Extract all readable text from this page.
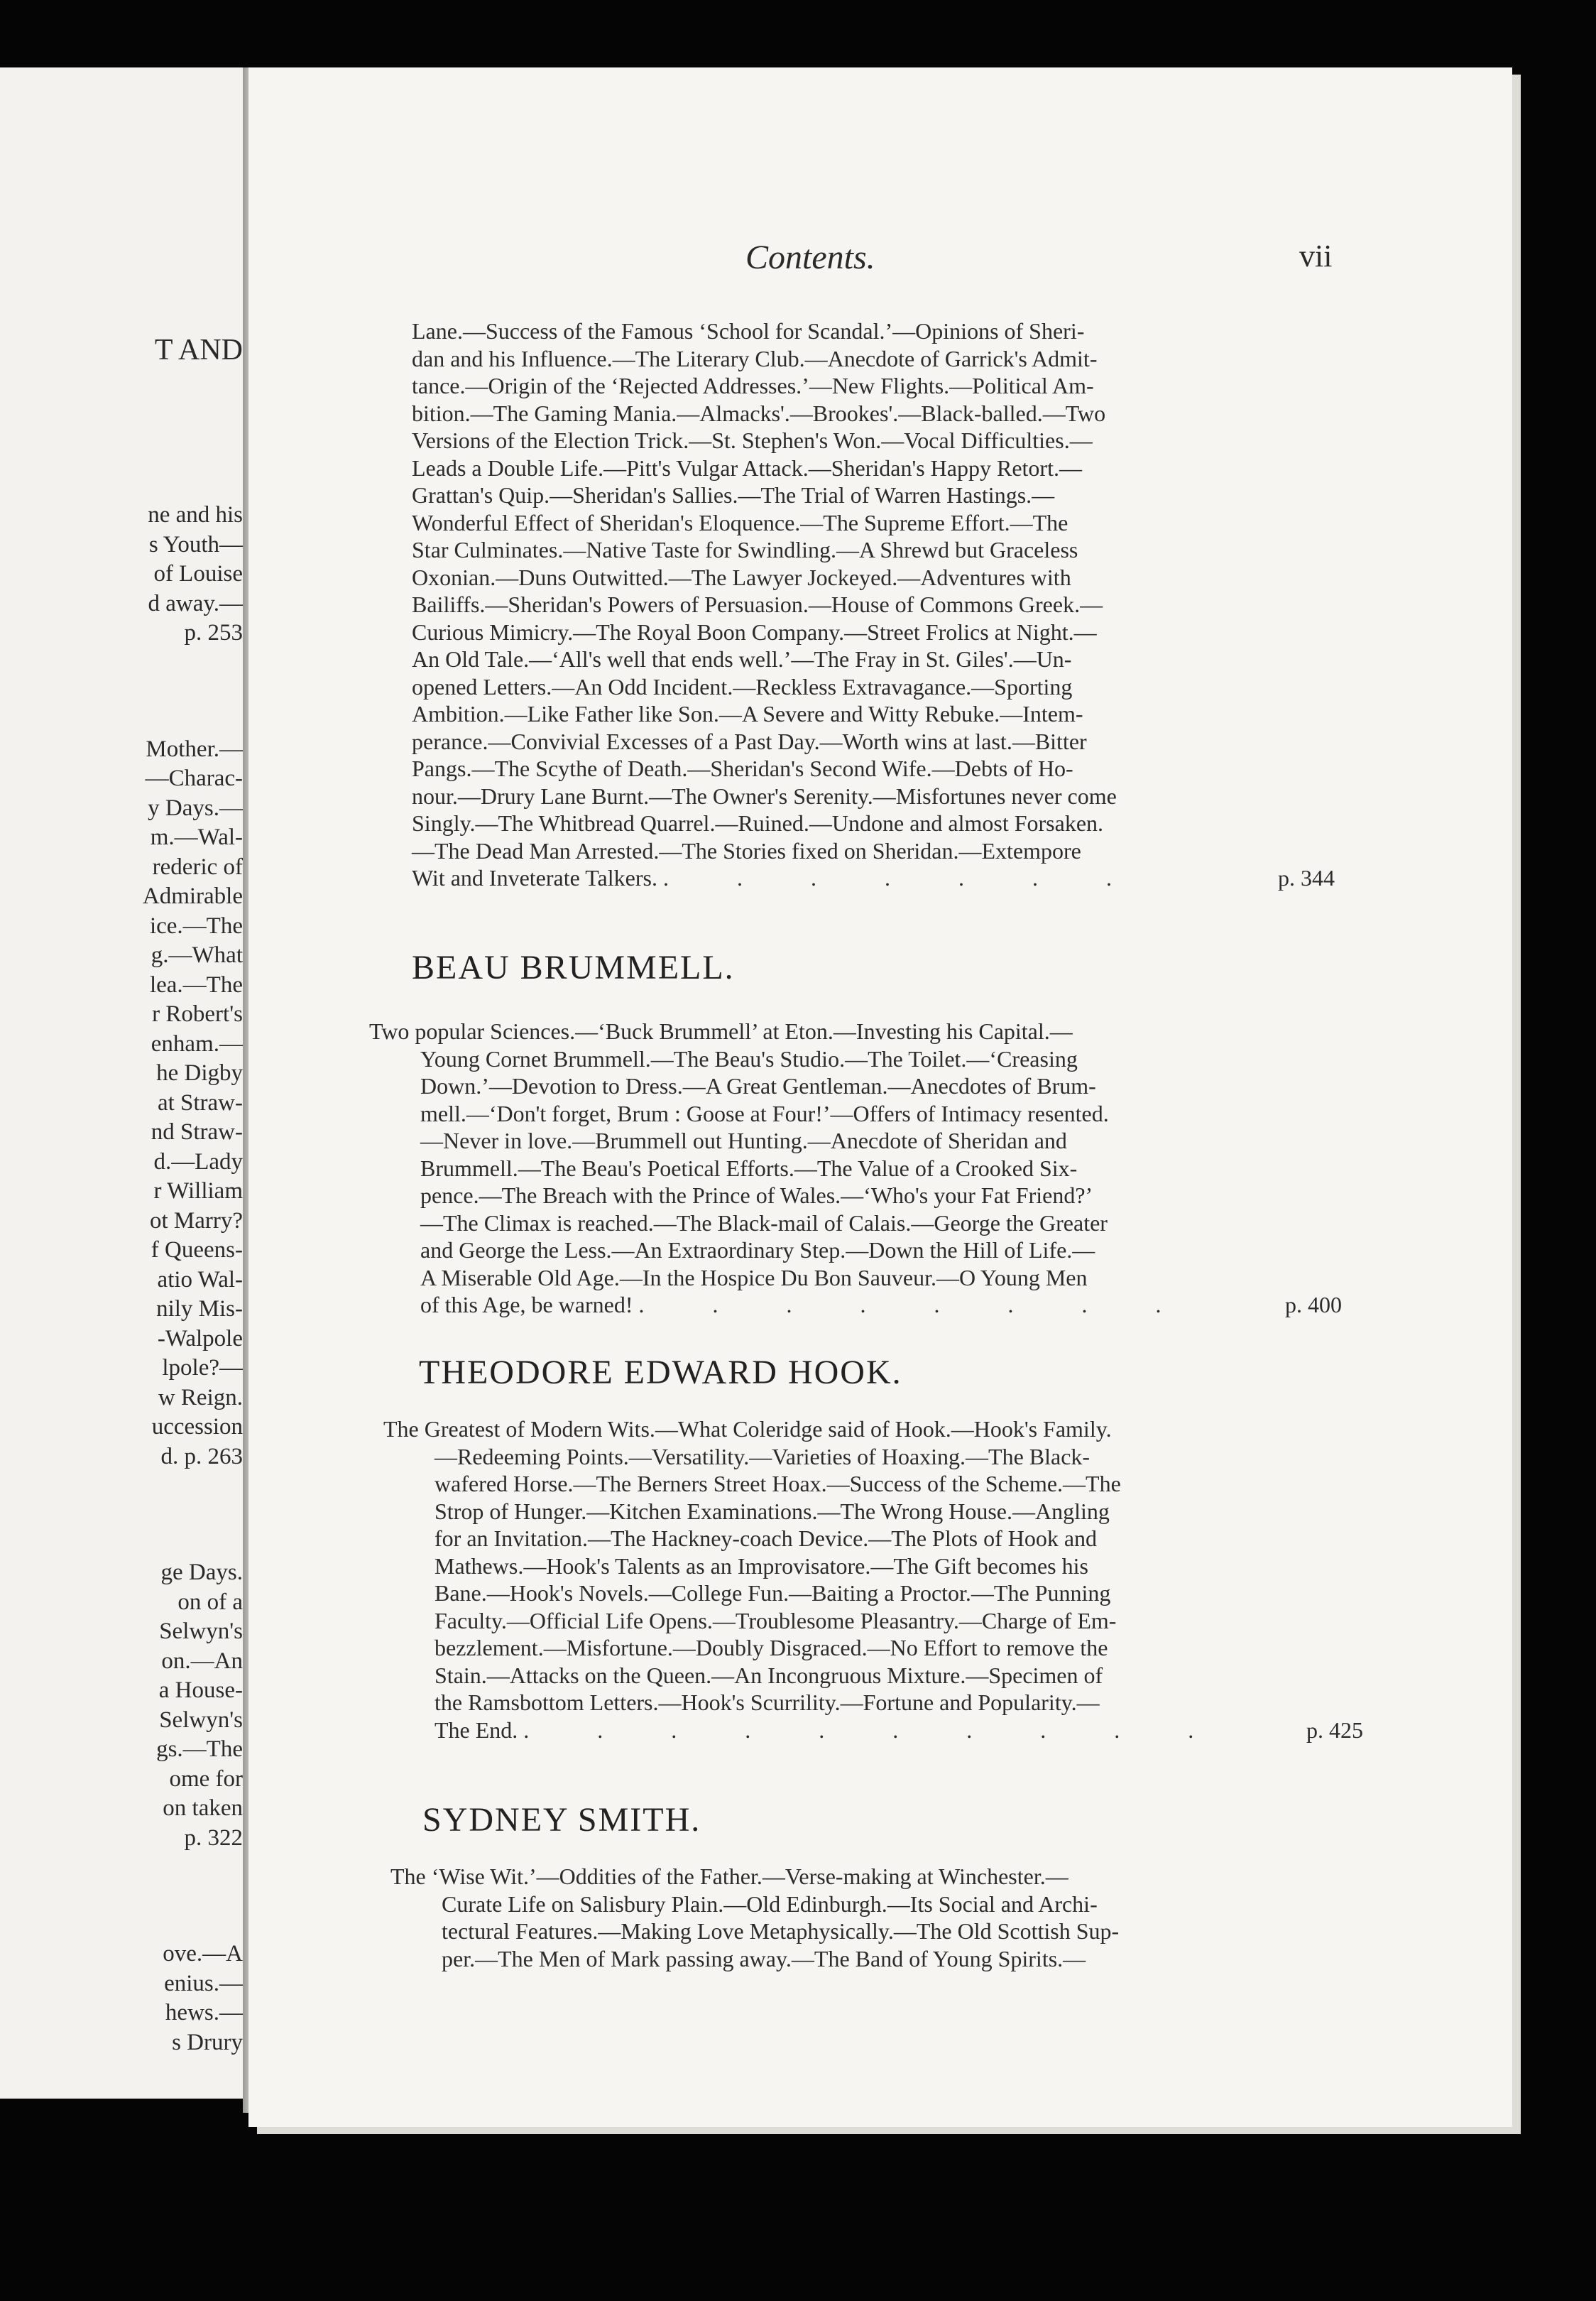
T AND
ne and his
s Youth—
of Louise
d away.—
p. 253
Mother.—
—Charac-
y Days.—
m.—Wal-
rederic of
Admirable
ice.—The
g.—What
lea.—The
r Robert's
enham.—
he Digby
at Straw-
nd Straw-
d.—Lady
r William
ot Marry?
f Queens-
atio Wal-
nily Mis-
-Walpole
lpole?—
w Reign.
uccession
d. p. 263
ge Days.
on of a
Selwyn's
on.—An
a House-
Selwyn's
gs.—The
ome for
on taken
p. 322
ove.—A
enius.—
hews.—
s Drury
Contents.	vii
Lane.—Success of the Famous ‘School for Scandal.’—Opinions of Sheri-
dan and his Influence.—The Literary Club.—Anecdote of Garrick's Admit-
tance.—Origin of the ‘Rejected Addresses.’—New Flights.—Political Am-
bition.—The Gaming Mania.—Almacks'.—Brookes'.—Black-balled.—Two
Versions of the Election Trick.—St. Stephen's Won.—Vocal Difficulties.—
Leads a Double Life.—Pitt's Vulgar Attack.—Sheridan's Happy Retort.—
Grattan's Quip.—Sheridan's Sallies.—The Trial of Warren Hastings.—
Wonderful Effect of Sheridan's Eloquence.—The Supreme Effort.—The
Star Culminates.—Native Taste for Swindling.—A Shrewd but Graceless
Oxonian.—Duns Outwitted.—The Lawyer Jockeyed.—Adventures with
Bailiffs.—Sheridan's Powers of Persuasion.—House of Commons Greek.—
Curious Mimicry.—The Royal Boon Company.—Street Frolics at Night.—
An Old Tale.—‘All's well that ends well.’—The Fray in St. Giles'.—Un-
opened Letters.—An Odd Incident.—Reckless Extravagance.—Sporting
Ambition.—Like Father like Son.—A Severe and Witty Rebuke.—Intem-
perance.—Convivial Excesses of a Past Day.—Worth wins at last.—Bitter
Pangs.—The Scythe of Death.—Sheridan's Second Wife.—Debts of Ho-
nour.—Drury Lane Burnt.—The Owner's Serenity.—Misfortunes never come
Singly.—The Whitbread Quarrel.—Ruined.—Undone and almost Forsaken.
—The Dead Man Arrested.—The Stories fixed on Sheridan.—Extempore
Wit and Inveterate Talkers. . . . . . . .	p. 344
BEAU BRUMMELL.
Two popular Sciences.—‘Buck Brummell’ at Eton.—Investing his Capital.—
Young Cornet Brummell.—The Beau's Studio.—The Toilet.—‘Creasing
Down.’—Devotion to Dress.—A Great Gentleman.—Anecdotes of Brum-
mell.—‘Don't forget, Brum : Goose at Four!’—Offers of Intimacy resented.
—Never in love.—Brummell out Hunting.—Anecdote of Sheridan and
Brummell.—The Beau's Poetical Efforts.—The Value of a Crooked Six-
pence.—The Breach with the Prince of Wales.—‘Who's your Fat Friend?’
—The Climax is reached.—The Black-mail of Calais.—George the Greater
and George the Less.—An Extraordinary Step.—Down the Hill of Life.—
A Miserable Old Age.—In the Hospice Du Bon Sauveur.—O Young Men
of this Age, be warned! . . . . . . . .	p. 400
THEODORE EDWARD HOOK.
The Greatest of Modern Wits.—What Coleridge said of Hook.—Hook's Family.
—Redeeming Points.—Versatility.—Varieties of Hoaxing.—The Black-
wafered Horse.—The Berners Street Hoax.—Success of the Scheme.—The
Strop of Hunger.—Kitchen Examinations.—The Wrong House.—Angling
for an Invitation.—The Hackney-coach Device.—The Plots of Hook and
Mathews.—Hook's Talents as an Improvisatore.—The Gift becomes his
Bane.—Hook's Novels.—College Fun.—Baiting a Proctor.—The Punning
Faculty.—Official Life Opens.—Troublesome Pleasantry.—Charge of Em-
bezzlement.—Misfortune.—Doubly Disgraced.—No Effort to remove the
Stain.—Attacks on the Queen.—An Incongruous Mixture.—Specimen of
the Ramsbottom Letters.—Hook's Scurrility.—Fortune and Popularity.—
The End. . . . . . . . . . .	p. 425
SYDNEY SMITH.
The ‘Wise Wit.’—Oddities of the Father.—Verse-making at Winchester.—
Curate Life on Salisbury Plain.—Old Edinburgh.—Its Social and Archi-
tectural Features.—Making Love Metaphysically.—The Old Scottish Sup-
per.—The Men of Mark passing away.—The Band of Young Spirits.—
